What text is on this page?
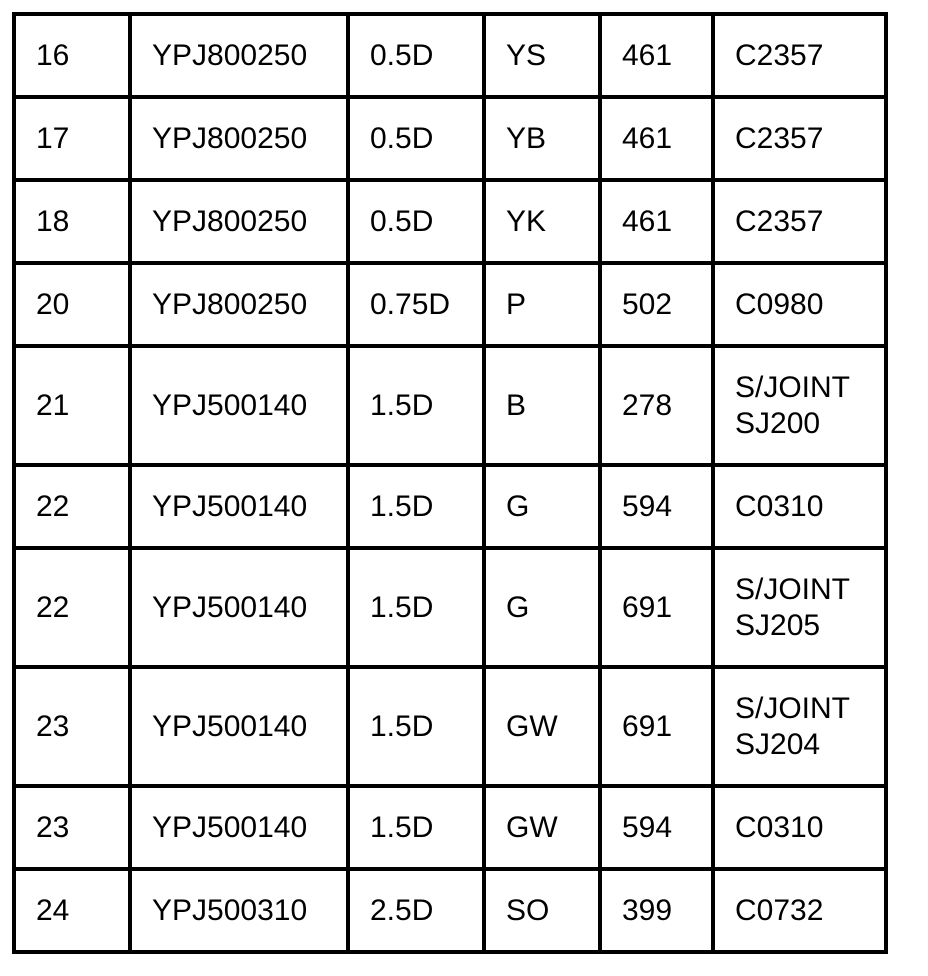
16	YPJ800250	0.5D	YS	461	C2357

17	YPJ800250	0.5D	YB	461	C2357

18	YPJ800250	0.5D	YK	461	C2357

20	YPJ800250	0.75D	P	502	C0980

21	YPJ500140	1.5D	B	278	S/JOINT
SJ200

22	YPJ500140	1.5D	G	594	C0310

22	YPJ500140	1.5D	G	691	S/JOINT
SJ205

23	YPJ500140	1.5D	GW	691	S/JOINT
SJ204

23	YPJ500140	1.5D	GW	594	C0310

24	YPJ500310	2.5D	SO	399	C0732
